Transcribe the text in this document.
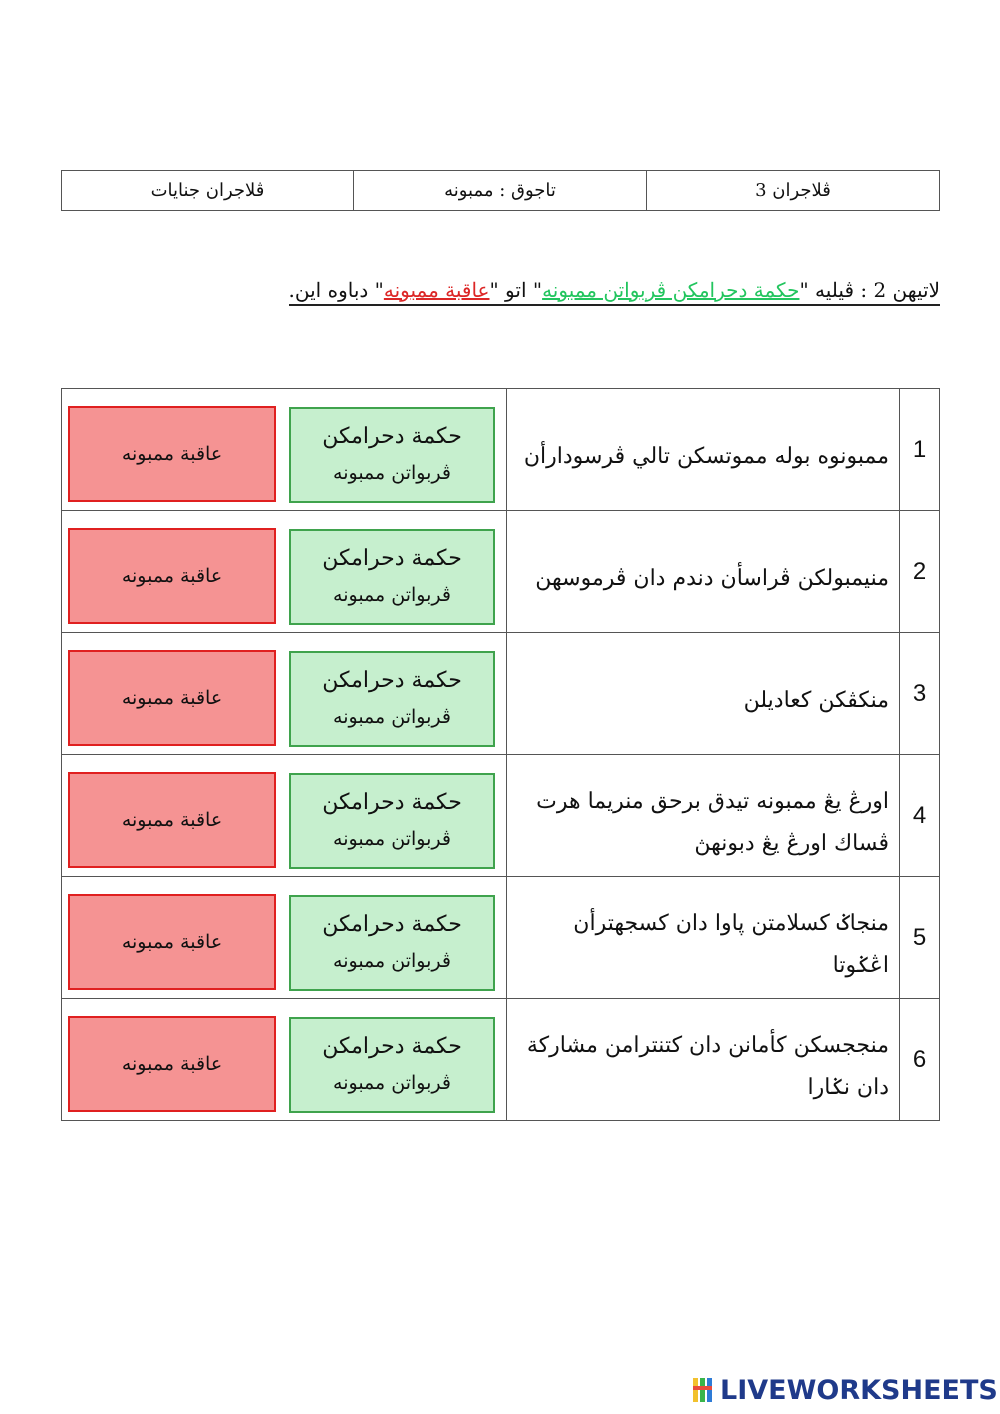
ڤلاجران 3
تاجوق : ممبونه
ڤلاجران جنايات
لاتيهن 2 : ڤيليه "حكمة دحرامكن ڤربواتن ممبونه" اتو "عاقبة ممبونه" دباوه اين.
1
ممبونوه بوله مموتسكن تالي ڤرسودارأن
حكمة دحرامكن
ڤربواتن ممبونه
عاقبة ممبونه
2
منيمبولكن ڤراسأن دندم دان ڤرموسهن
حكمة دحرامكن
ڤربواتن ممبونه
عاقبة ممبونه
3
منكڤكن كعاديلن
حكمة دحرامكن
ڤربواتن ممبونه
عاقبة ممبونه
4
اورڠ يڠ ممبونه تيدق برحق منريما هرت ڤساك اورڠ يڠ دبونهڽ
حكمة دحرامكن
ڤربواتن ممبونه
عاقبة ممبونه
5
منجاݢ كسلامتن ڽاوا دان كسجهترأن اڠݢوتا
حكمة دحرامكن
ڤربواتن ممبونه
عاقبة ممبونه
6
منججسكن كأمانن دان كتنترامن مشاركة دان نݢارا
حكمة دحرامكن
ڤربواتن ممبونه
عاقبة ممبونه
LIVEWORKSHEETS
